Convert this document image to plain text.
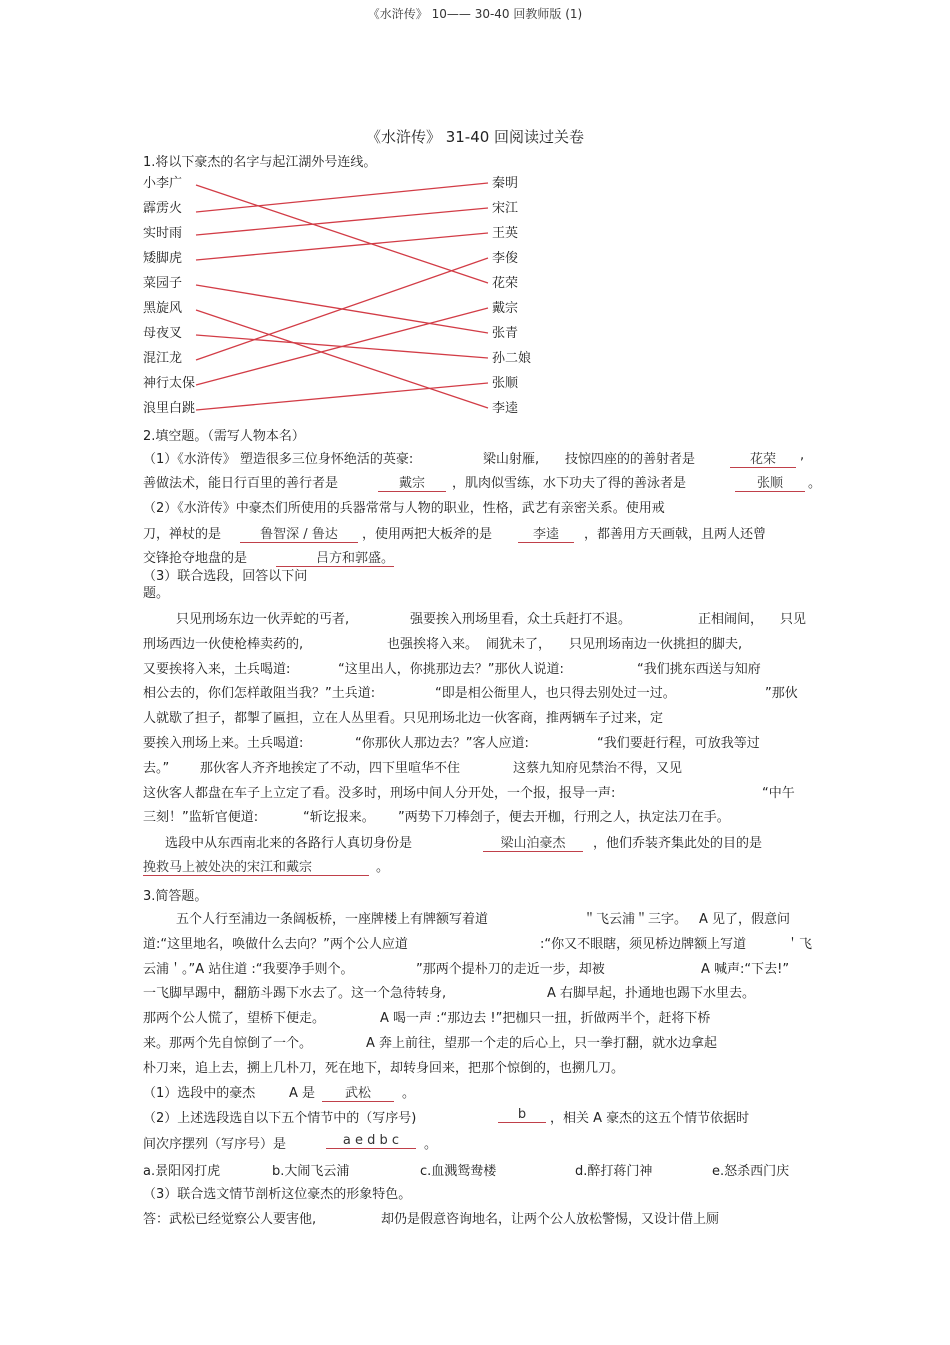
《水浒传》 10—— 30-40 回教师版 (1)
《水浒传》 31-40 回阅读过关卷
1.将以下豪杰的名字与起江湖外号连线。
小李广
霹雳火
实时雨
矮脚虎
菜园子
黑旋风
母夜叉
混江龙
神行太保
浪里白跳
秦明
宋江
王英
李俊
花荣
戴宗
张青
孙二娘
张顺
李逵
2.填空题。（需写人物本名）
（1）《水浒传》 塑造很多三位身怀绝活的英豪:	梁山射雁, 技惊四座的的善射者是	花荣	,
善做法术，能日行百里的善行者是	戴宗	，肌肉似雪练，水下功夫了得的善泳者是	张顺	。
（2）《水浒传》中豪杰们所使用的兵器常常与人物的职业，性格，武艺有亲密关系。使用戒
刀，禅杖的是	鲁智深 / 鲁达	，使用两把大板斧的是	李逵	，都善用方天画戟，且两人还曾
交锋抢夺地盘的是	吕方和郭盛。
（3）联合选段，回答以下问
题。
只见刑场东边一伙弄蛇的丐者,	强要挨入刑场里看，众土兵赶打不退。	正相闹间， 只见
刑场西边一伙使枪棒卖药的,	也强挨将入来。 闹犹未了， 只见刑场南边一伙挑担的脚夫,
又要挨将入来，土兵喝道:	“这里出人，你挑那边去？”那伙人说道:	“我们挑东西送与知府
相公去的，你们怎样敢阻当我？”土兵道:	“即是相公衙里人，也只得去别处过一过。	”那伙
人就歇了担子，都掣了匾担，立在人丛里看。只见刑场北边一伙客商，推两辆车子过来，定
要挨入刑场上来。土兵喝道:	“你那伙人那边去？”客人应道:	“我们要赶行程，可放我等过
去。” 那伙客人齐齐地挨定了不动，四下里喧华不住	这蔡九知府见禁治不得，又见
这伙客人都盘在车子上立定了看。没多时，刑场中间人分开处，一个报，报导一声:	“中午
三刻！”监斩官便道:	“斩讫报来。 ”两势下刀棒刽子，便去开枷，行刑之人，执定法刀在手。
选段中从东西南北来的各路行人真切身份是	梁山泊豪杰	，他们乔装齐集此处的目的是
挽救马上被处决的宋江和戴宗	。
3.简答题。
五个人行至浦边一条阔板桥，一座牌楼上有牌额写着道	＂飞云浦＂三字。 A 见了，假意问
道:“这里地名，唤做什么去向？”两个公人应道	:“你又不眼瞎，须见桥边牌额上写道	＇飞
云浦＇。”A 站住道 :“我要净手则个。	”那两个提朴刀的走近一步，却被	A 喊声:“下去!”
一飞脚早踢中，翻筋斗踢下水去了。这一个急待转身,	A 右脚早起，扑通地也踢下水里去。
那两个公人慌了，望桥下便走。	A 喝一声 :“那边去 !”把枷只一扭，折做两半个，赶将下桥
来。那两个先自惊倒了一个。	A 奔上前往，望那一个走的后心上，只一拳打翻，就水边拿起
朴刀来，追上去，搠上几朴刀，死在地下，却转身回来，把那个惊倒的，也搠几刀。
（1）选段中的豪杰	A 是	武松	。
（2）上述选段选自以下五个情节中的（写序号)	b	，相关 A 豪杰的这五个情节依据时
间次序摆列（写序号）是	a e d b c	。
a.景阳冈打虎	b.大闹飞云浦	c.血溅鸳鸯楼	d.醉打蒋门神	e.怒杀西门庆
（3）联合选文情节剖析这位豪杰的形象特色。
答：武松已经觉察公人要害他,	却仍是假意咨询地名，让两个公人放松警惕，又设计借上厕
